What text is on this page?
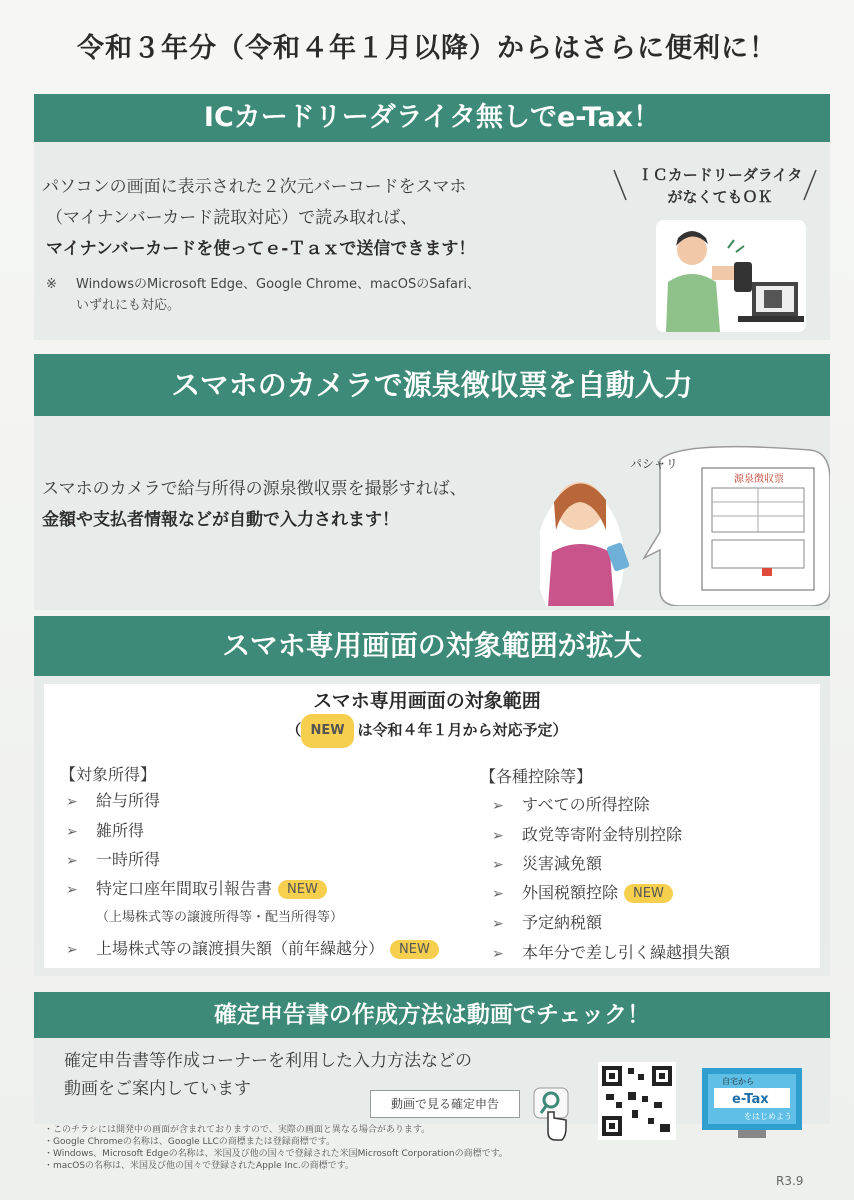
令和３年分（令和４年１月以降）からはさらに便利に！
ICカードリーダライタ無しでe-Tax！
パソコンの画面に表示された２次元バーコードをスマホ
（マイナンバーカード読取対応）で読み取れば、
マイナンバーカードを使ってｅ-Ｔａｘで送信できます！
※ WindowsのMicrosoft Edge、Google Chrome、macOSのSafari、
いずれにも対応。
ＩＣカードリーダライタ
がなくてもＯＫ
スマホのカメラで源泉徴収票を自動入力
スマホのカメラで給与所得の源泉徴収票を撮影すれば、
金額や支払者情報などが自動で入力されます！
パシャリ
源泉徴収票
スマホ専用画面の対象範囲が拡大
スマホ専用画面の対象範囲
（ NEW は令和４年１月から対応予定）
【対象所得】	【各種控除等】
➢ 給与所得
➢ 雑所得
➢ 一時所得
➢ 特定口座年間取引報告書 NEW
➢ 上場株式等の譲渡損失額（前年繰越分） NEW
（上場株式等の譲渡所得等・配当所得等）
➢ すべての所得控除
➢ 政党等寄附金特別控除
➢ 災害減免額
➢ 外国税額控除 NEW
➢ 予定納税額
➢ 本年分で差し引く繰越損失額
確定申告書の作成方法は動画でチェック！
確定申告書等作成コーナーを利用した入力方法などの
動画をご案内しています
動画で見る確定申告
自宅から
e-Tax
をはじめよう
・このチラシには開発中の画面が含まれておりますので、実際の画面と異なる場合があります。
・Google Chromeの名称は、Google LLCの商標または登録商標です。
・Windows、Microsoft Edgeの名称は、米国及び他の国々で登録された米国Microsoft Corporationの商標です。
・macOSの名称は、米国及び他の国々で登録されたApple Inc.の商標です。
R3.9
